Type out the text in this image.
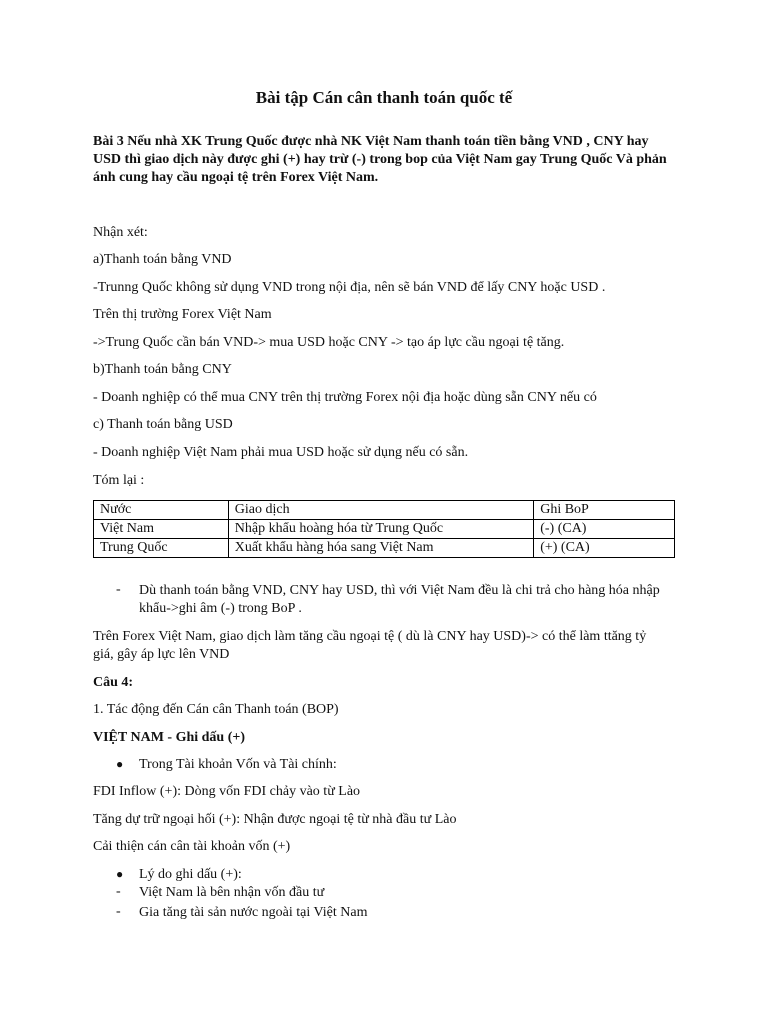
Bài tập Cán cân thanh toán quốc tế
Bài 3 Nếu nhà XK Trung Quốc được nhà NK Việt Nam thanh toán tiền bằng VND , CNY hay USD thì giao dịch này được ghi (+) hay trừ (-) trong bop của Việt Nam gay Trung Quốc Và phản ánh cung hay cầu ngoại tệ trên Forex Việt Nam.
Nhận xét:
a)Thanh toán bằng VND
-Trunng Quốc không sử dụng VND trong nội địa, nên sẽ bán VND để lấy CNY hoặc USD .
Trên thị trường Forex Việt Nam
->Trung Quốc cần bán VND-> mua USD hoặc CNY -> tạo áp lực cầu ngoại tệ tăng.
b)Thanh toán bằng CNY
- Doanh nghiệp có thể mua CNY trên thị trường Forex nội địa hoặc dùng sẵn CNY nếu có
c) Thanh toán bằng USD
- Doanh nghiệp Việt Nam phải mua USD hoặc sử dụng nếu có sẵn.
Tóm lại :
Nước	Giao dịch	Ghi BoP
Việt Nam	Nhập khẩu hoàng hóa từ Trung Quốc	(-) (CA)
Trung Quốc	Xuất khẩu hàng hóa sang Việt Nam	(+) (CA)
- Dù thanh toán bằng VND, CNY hay USD, thì với Việt Nam đều là chi trả cho hàng hóa nhập khẩu->ghi âm (-) trong BoP .
Trên Forex Việt Nam, giao dịch làm tăng cầu ngoại tệ ( dù là CNY hay USD)-> có thể làm ttăng tỷ giá, gây áp lực lên VND
Câu 4:
1. Tác động đến Cán cân Thanh toán (BOP)
VIỆT NAM - Ghi dấu (+)
● Trong Tài khoản Vốn và Tài chính:
FDI Inflow (+): Dòng vốn FDI chảy vào từ Lào
Tăng dự trữ ngoại hối (+): Nhận được ngoại tệ từ nhà đầu tư Lào
Cải thiện cán cân tài khoản vốn (+)
● Lý do ghi dấu (+):
- Việt Nam là bên nhận vốn đầu tư
- Gia tăng tài sản nước ngoài tại Việt Nam
